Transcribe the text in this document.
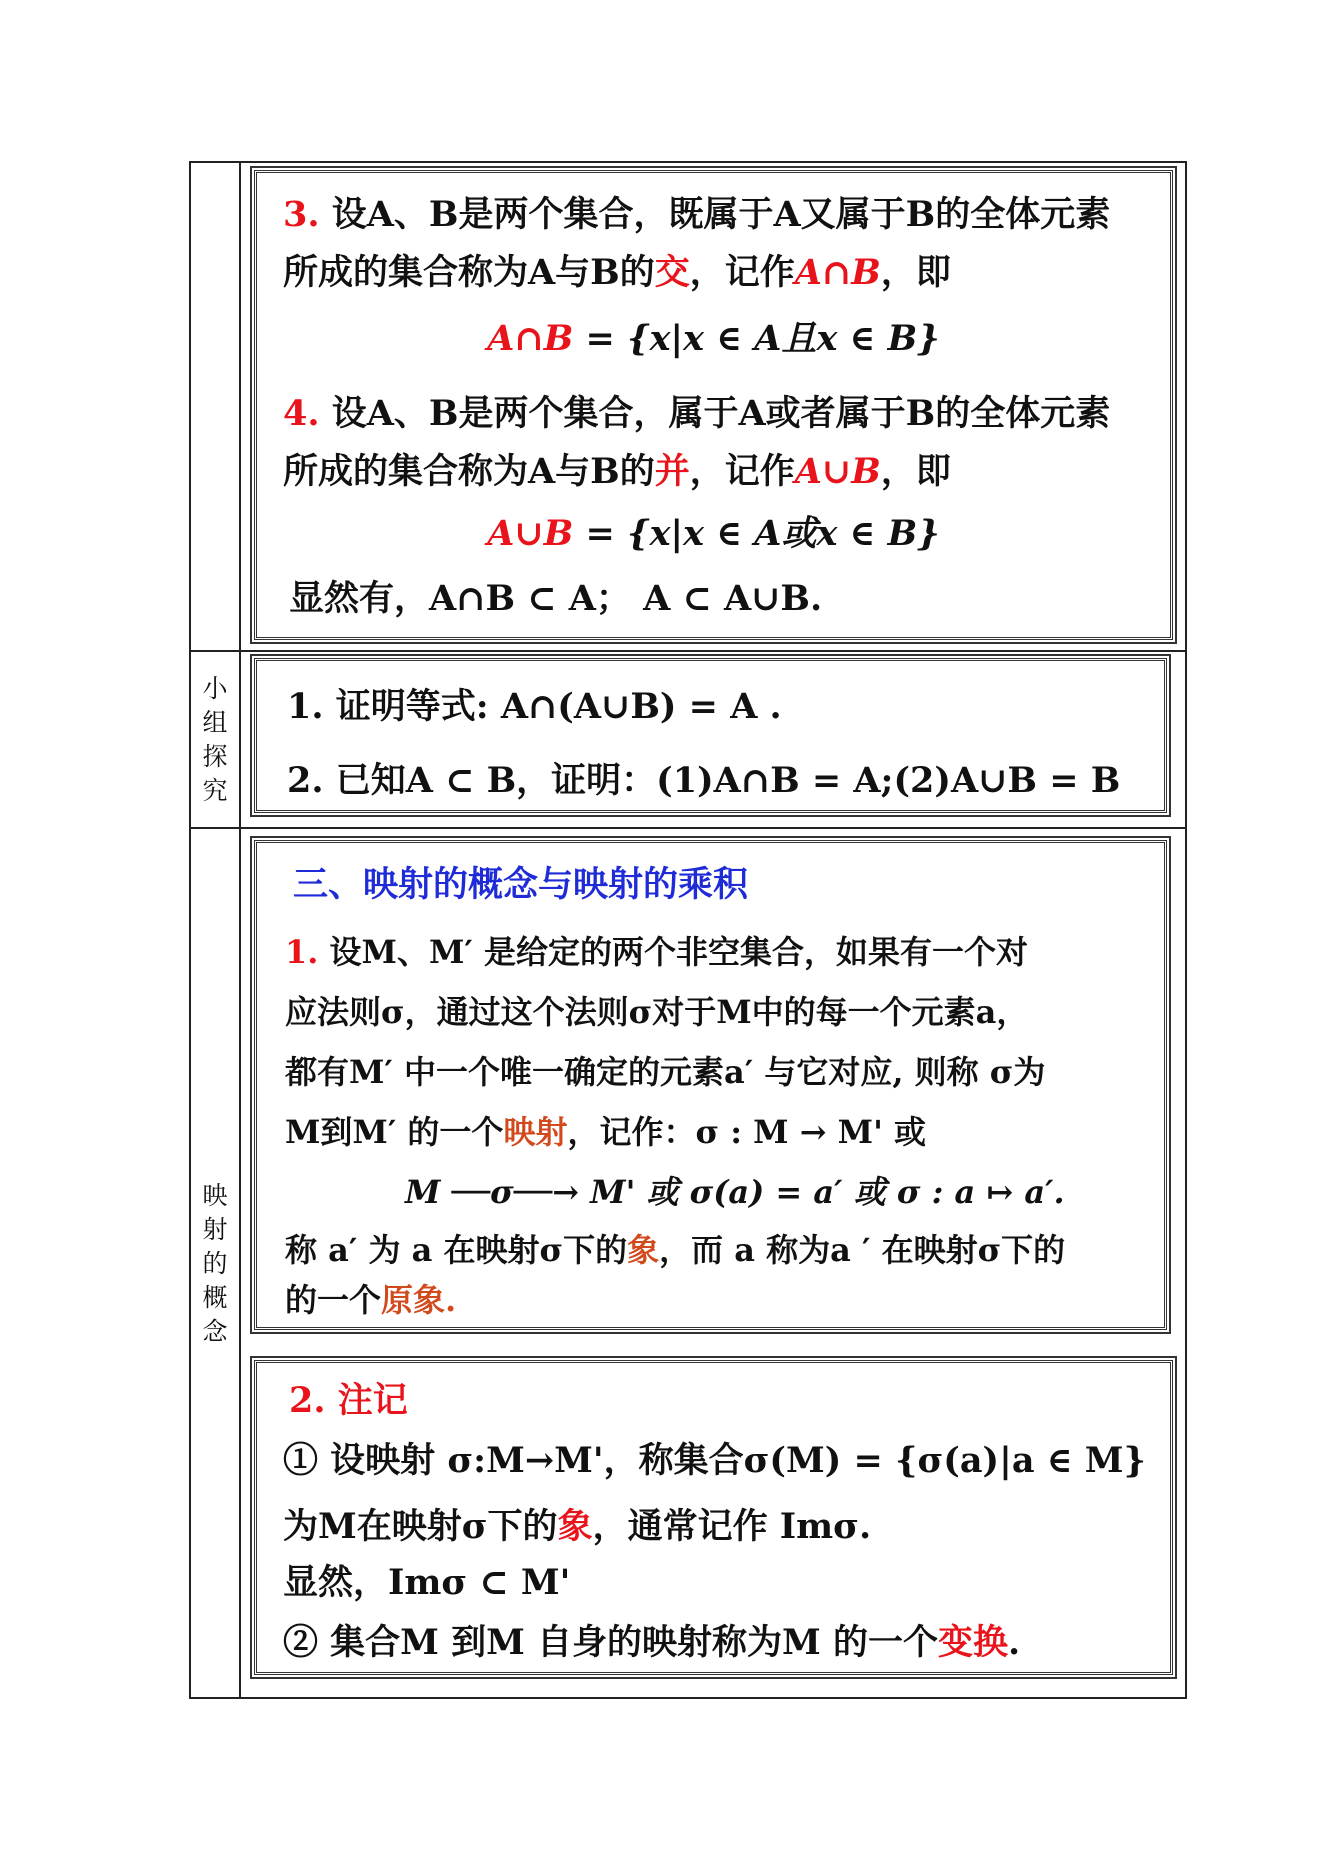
小
组
探
究
映
射
的
概
念
3. 设A、B是两个集合，既属于A又属于B的全体元素
所成的集合称为A与B的交，记作A∩B，即
A∩B = {x|x ∈ A且x ∈ B}
4. 设A、B是两个集合，属于A或者属于B的全体元素
所成的集合称为A与B的并，记作A∪B，即
A∪B = {x|x ∈ A或x ∈ B}
显然有，A∩B ⊂ A； A ⊂ A∪B.
1. 证明等式: A∩(A∪B) = A .
2. 已知A ⊂ B，证明：(1)A∩B = A;(2)A∪B = B
三、映射的概念与映射的乘积
1. 设M、M′ 是给定的两个非空集合，如果有一个对
应法则σ，通过这个法则σ对于M中的每一个元素a，
都有M′ 中一个唯一确定的元素a′ 与它对应, 则称 σ为
M到M′ 的一个映射，记作：σ : M → M' 或
M ──σ──→ M' 或 σ(a) = a′ 或 σ : a ↦ a′.
称 a′ 为 a 在映射σ下的象，而 a 称为a ′ 在映射σ下的
的一个原象.
2. 注记
① 设映射 σ:M→M'，称集合σ(M) = {σ(a)|a ∈ M}
为M在映射σ下的象，通常记作 Imσ.
显然，Imσ ⊂ M'
② 集合M 到M 自身的映射称为M 的一个变换.
